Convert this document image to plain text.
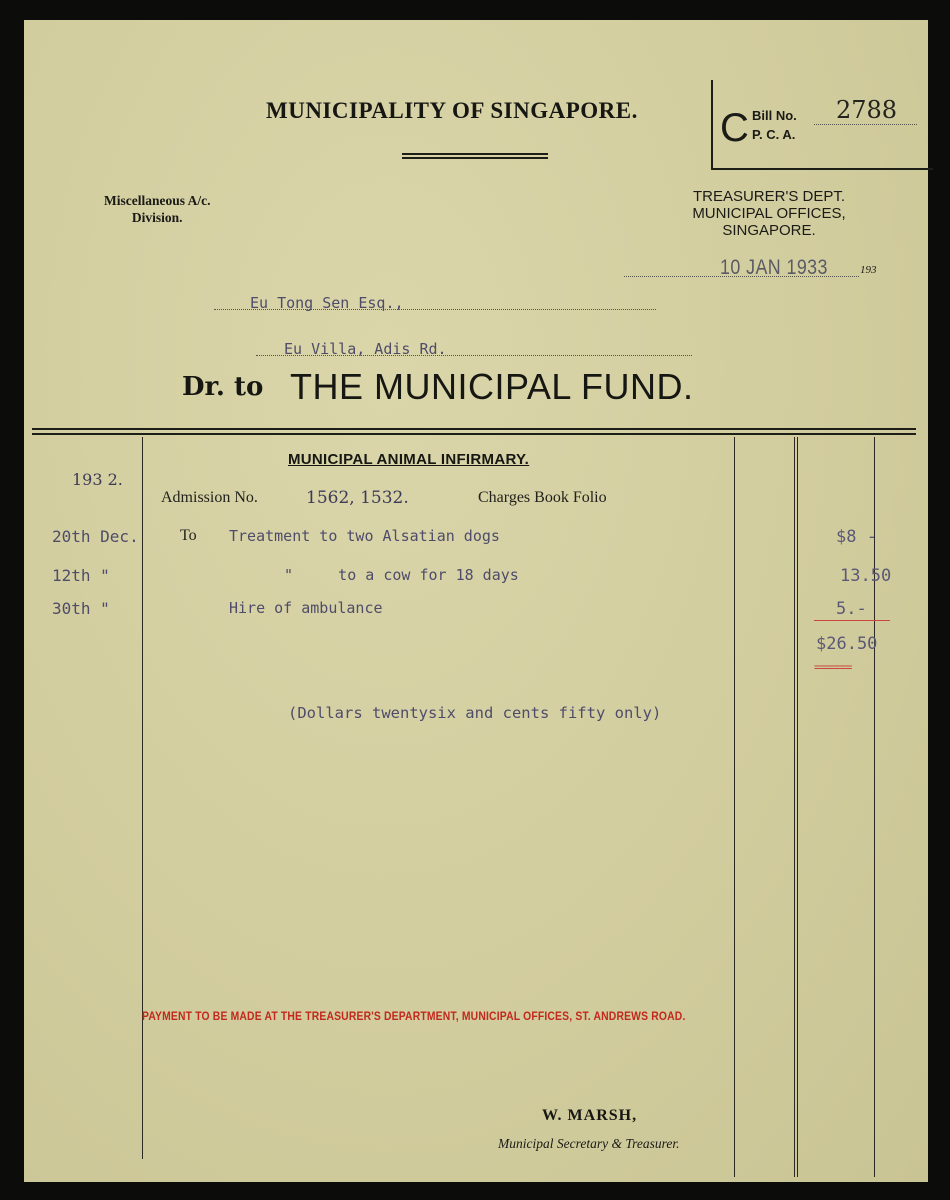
MUNICIPALITY OF SINGAPORE. C Bill No.
P. C. A.
2788
Miscellaneous A/c.
Division.
TREASURER'S DEPT.
MUNICIPAL OFFICES,
SINGAPORE.
10 JAN 1933	193
Eu Tong Sen Esq.,
Eu Villa, Adis Rd.
Dr. to THE MUNICIPAL FUND.
MUNICIPAL ANIMAL INFIRMARY.
193 2.
Admission No.	1562, 1532.	Charges Book Folio
20th Dec.	To Treatment to two Alsatian dogs	$8 -
12th "	"     to a cow for 18 days	13.50
30th "	Hire of ambulance	5.-
$26.50
======
(Dollars twentysix and cents fifty only)
PAYMENT TO BE MADE AT THE TREASURER'S DEPARTMENT, MUNICIPAL OFFICES, ST. ANDREWS ROAD.
W. MARSH,
Municipal Secretary & Treasurer.
